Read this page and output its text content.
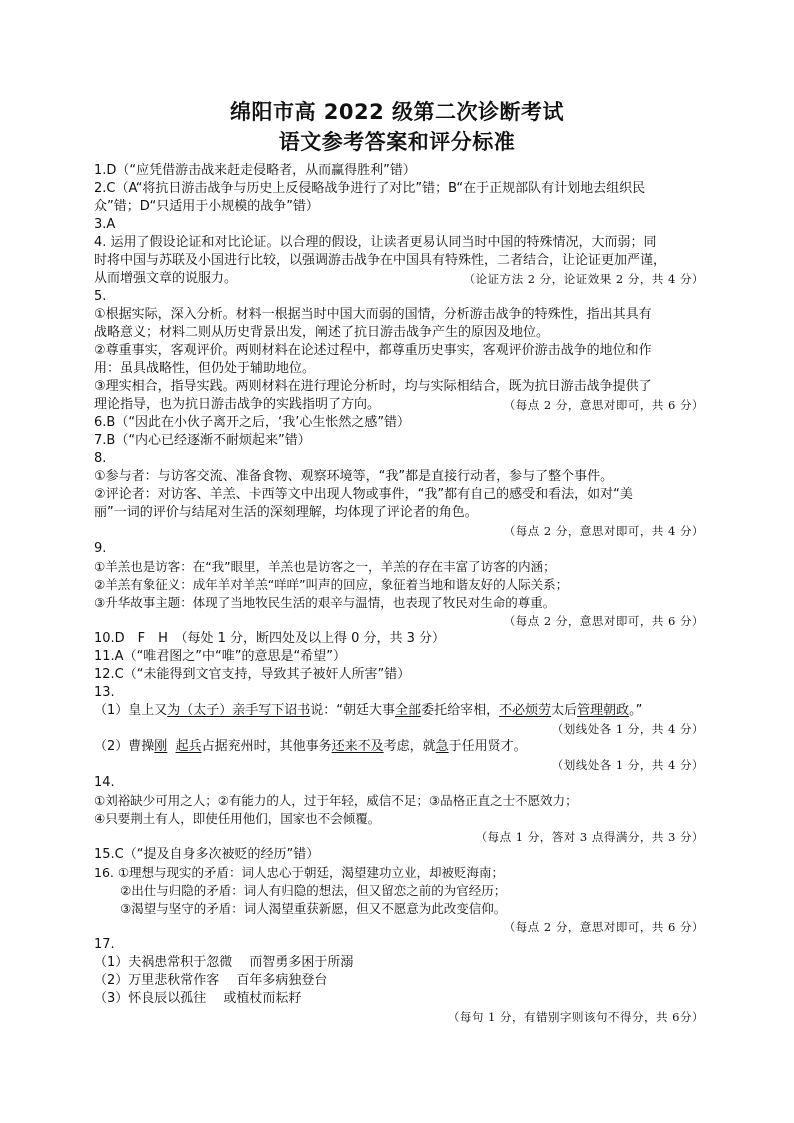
绵阳市高 2022 级第二次诊断考试
语文参考答案和评分标准
1.D（“应凭借游击战来赶走侵略者，从而赢得胜利”错）
2.C（A“将抗日游击战争与历史上反侵略战争进行了对比”错；B“在于正规部队有计划地去组织民
众”错；D“只适用于小规模的战争”错）
3.A
4. 运用了假设论证和对比论证。以合理的假设，让读者更易认同当时中国的特殊情况，大而弱；同
时将中国与苏联及小国进行比较，以强调游击战争在中国具有特殊性，二者结合，让论证更加严谨，
从而增强文章的说服力。	（论证方法 2 分，论证效果 2 分，共 4 分）
5.
①根据实际，深入分析。材料一根据当时中国大而弱的国情，分析游击战争的特殊性，指出其具有
战略意义；材料二则从历史背景出发，阐述了抗日游击战争产生的原因及地位。
②尊重事实，客观评价。两则材料在论述过程中，都尊重历史事实，客观评价游击战争的地位和作
用：虽具战略性，但仍处于辅助地位。
③理实相合，指导实践。两则材料在进行理论分析时，均与实际相结合，既为抗日游击战争提供了
理论指导，也为抗日游击战争的实践指明了方向。	（每点 2 分，意思对即可，共 6 分）
6.B（“因此在小伙子离开之后，‘我’心生怅然之感”错）
7.B（“内心已经逐渐不耐烦起来”错）
8.
①参与者：与访客交流、准备食物、观察环境等，“我”都是直接行动者，参与了整个事件。
②评论者：对访客、羊羔、卡西等文中出现人物或事件，“我”都有自己的感受和看法，如对“美
丽”一词的评价与结尾对生活的深刻理解，均体现了评论者的角色。
（每点 2 分，意思对即可，共 4 分）
9.
①羊羔也是访客：在“我”眼里，羊羔也是访客之一，羊羔的存在丰富了访客的内涵；
②羊羔有象征义：成年羊对羊羔“咩咩”叫声的回应，象征着当地和谐友好的人际关系；
③升华故事主题：体现了当地牧民生活的艰辛与温情，也表现了牧民对生命的尊重。
（每点 2 分，意思对即可，共 6 分）
10.D　F　H　（每处 1 分，断四处及以上得 0 分，共 3 分）
11.A（“唯君图之”中“唯”的意思是“希望”）
12.C（“未能得到文官支持，导致其子被奸人所害”错）
13.
（1）皇上又为（太子）亲手写下诏书说：“朝廷大事全部委托给宰相，不必烦劳太后管理朝政。”
（划线处各 1 分，共 4 分）
（2）曹操刚 起兵占据兖州时，其他事务还来不及考虑，就急于任用贤才。
（划线处各 1 分，共 4 分）
14.
①刘裕缺少可用之人；②有能力的人，过于年轻，威信不足；③品格正直之士不愿效力；
④只要荆土有人，即使任用他们，国家也不会倾覆。
（每点 1 分，答对 3 点得满分，共 3 分）
15.C（“提及自身多次被贬的经历”错）
16. ①理想与现实的矛盾：词人忠心于朝廷，渴望建功立业，却被贬海南；
②出仕与归隐的矛盾：词人有归隐的想法，但又留恋之前的为官经历；
③渴望与坚守的矛盾：词人渴望重获新愿，但又不愿意为此改变信仰。
（每点 2 分，意思对即可，共 6 分）
17.
（1）夫祸患常积于忽微　 而智勇多困于所溺
（2）万里悲秋常作客　 百年多病独登台
（3）怀良辰以孤往　 或植杖而耘耔
（每句 1 分，有错别字则该句不得分，共 6分）
